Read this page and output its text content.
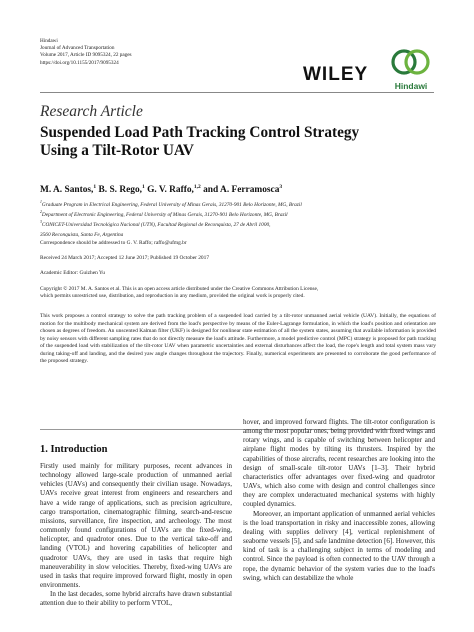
Hindawi
Journal of Advanced Transportation
Volume 2017, Article ID 9095324, 22 pages
https://doi.org/10.1155/2017/9095324
WILEY
Hindawi
Research Article
Suspended Load Path Tracking Control Strategy
Using a Tilt-Rotor UAV
M. A. Santos,$^1$ B. S. Rego,$^1$ G. V. Raffo,$^{1,2}$ and A. Ferramosca$^3$
$^1$Graduate Program in Electrical Engineering, Federal University of Minas Gerais, 31270-901 Belo Horizonte, MG, Brazil
$^2$Department of Electronic Engineering, Federal University of Minas Gerais, 31270-901 Belo Horizonte, MG, Brazil
$^3$CONICET-Universidad Tecnológica Nacional (UTN), Facultad Regional de Reconquista, 27 de Abril 1000,
3560 Reconquista, Santa Fe, Argentina
Correspondence should be addressed to G. V. Raffo; raffo@ufmg.br
Received 24 March 2017; Accepted 12 June 2017; Published 19 October 2017
Academic Editor: Guizhen Yu
Copyright © 2017 M. A. Santos et al. This is an open access article distributed under the Creative Commons Attribution License,
which permits unrestricted use, distribution, and reproduction in any medium, provided the original work is properly cited.
This work proposes a control strategy to solve the path tracking problem of a suspended load carried by a tilt-rotor unmanned aerial vehicle (UAV). Initially, the equations of motion for the multibody mechanical system are derived from the load's perspective by means of the Euler-Lagrange formulation, in which the load's position and orientation are chosen as degrees of freedom. An unscented Kalman filter (UKF) is designed for nonlinear state estimation of all the system states, assuming that available information is provided by noisy sensors with different sampling rates that do not directly measure the load's attitude. Furthermore, a model predictive control (MPC) strategy is proposed for path tracking of the suspended load with stabilization of the tilt-rotor UAV when parametric uncertainties and external disturbances affect the load, the rope's length and total system mass vary during taking-off and landing, and the desired yaw angle changes throughout the trajectory. Finally, numerical experiments are presented to corroborate the good performance of the proposed strategy.
1. Introduction

Firstly used mainly for military purposes, recent advances in technology allowed large-scale production of unmanned aerial vehicles (UAVs) and consequently their civilian usage. Nowadays, UAVs receive great interest from engineers and researchers and have a wide range of applications, such as precision agriculture, cargo transportation, cinematographic filming, search-and-rescue missions, surveillance, fire inspection, and archeology. The most commonly found configurations of UAVs are the fixed-wing, helicopter, and quadrotor ones. Due to the vertical take-off and landing (VTOL) and hovering capabilities of helicopter and quadrotor UAVs, they are used in tasks that require high maneuverability in slow velocities. Thereby, fixed-wing UAVs are used in tasks that require improved forward flight, mostly in open environments.

In the last decades, some hybrid aircrafts have drawn substantial attention due to their ability to perform VTOL,

hover, and improved forward flights. The tilt-rotor configuration is among the most popular ones, being provided with fixed wings and rotary wings, and is capable of switching between helicopter and airplane flight modes by tilting its thrusters. Inspired by the capabilities of those aircrafts, recent researches are looking into the design of small-scale tilt-rotor UAVs [1–3]. Their hybrid characteristics offer advantages over fixed-wing and quadrotor UAVs, which also come with design and control challenges since they are complex underactuated mechanical systems with highly coupled dynamics.

Moreover, an important application of unmanned aerial vehicles is the load transportation in risky and inaccessible zones, allowing dealing with supplies delivery [4], vertical replenishment of seaborne vessels [5], and safe landmine detection [6]. However, this kind of task is a challenging subject in terms of modeling and control. Since the payload is often connected to the UAV through a rope, the dynamic behavior of the system varies due to the load's swing, which can destabilize the whole
